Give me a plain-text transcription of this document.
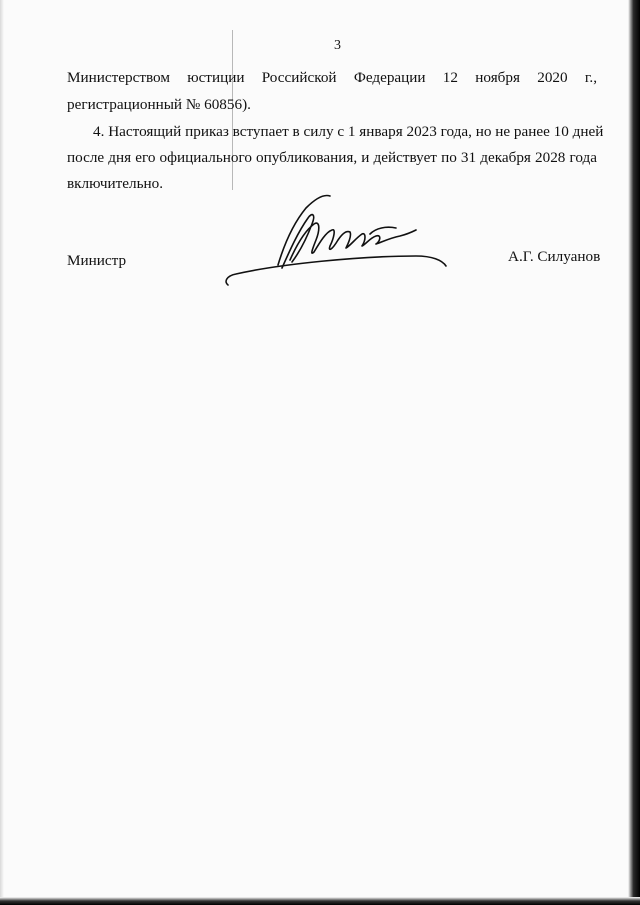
3
Министерством юстиции Российской Федерации 12 ноября 2020 г.,
регистрационный № 60856).
4. Настоящий приказ вступает в силу с 1 января 2023 года, но не ранее 10 дней
после дня его официального опубликования, и действует по 31 декабря 2028 года
включительно.
Министр	А.Г. Силуанов
